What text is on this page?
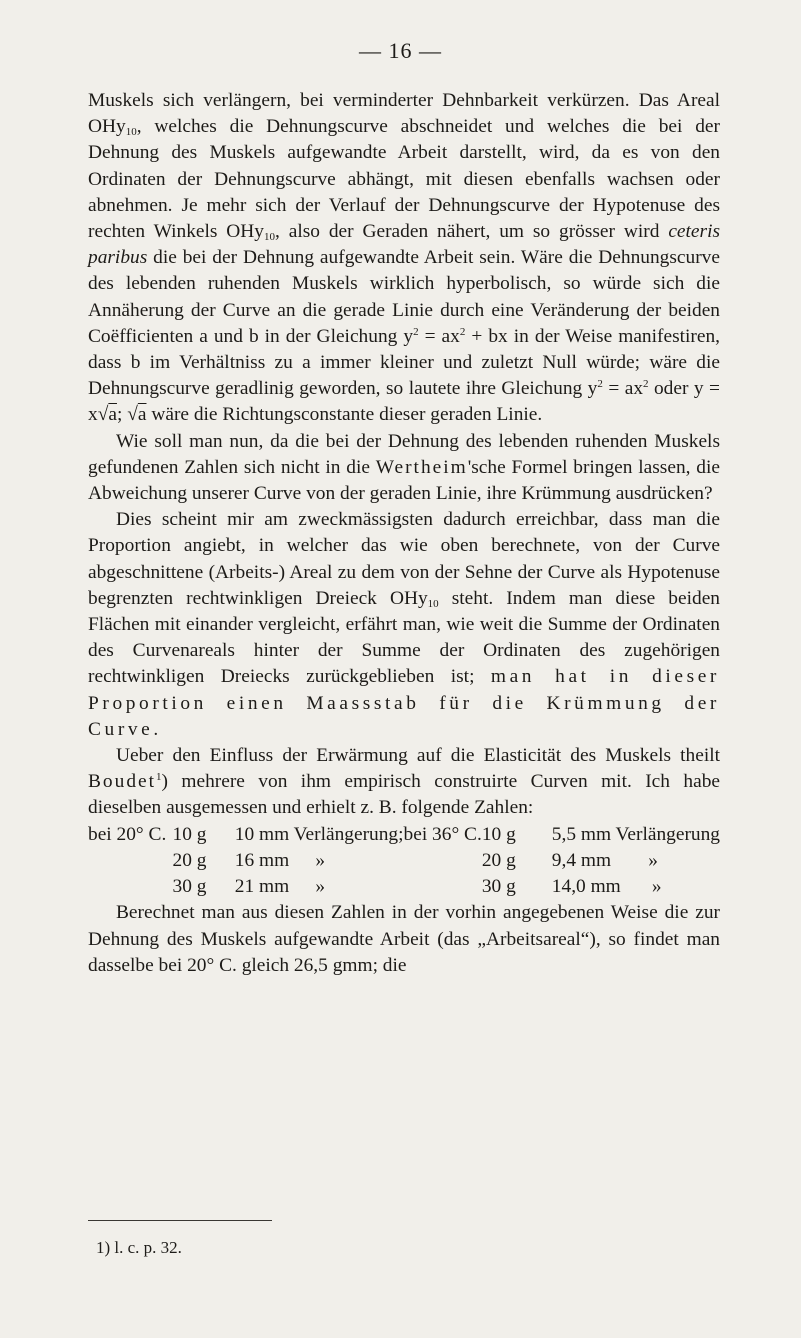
— 16 —

Muskels sich verlängern, bei verminderter Dehnbarkeit verkürzen. Das Areal OHy$_{10}$, welches die Dehnungscurve abschneidet und welches die bei der Dehnung des Muskels aufgewandte Arbeit darstellt, wird, da es von den Ordinaten der Dehnungscurve abhängt, mit diesen ebenfalls wachsen oder abnehmen. Je mehr sich der Verlauf der Dehnungscurve der Hypotenuse des rechten Winkels OHy$_{10}$, also der Geraden nähert, um so grösser wird ceteris paribus die bei der Dehnung aufgewandte Arbeit sein. Wäre die Dehnungscurve des lebenden ruhenden Muskels wirklich hyperbolisch, so würde sich die Annäherung der Curve an die gerade Linie durch eine Veränderung der beiden Coëfficienten a und b in der Gleichung $y^2 = ax^2$ + bx in der Weise manifestiren, dass b im Verhältniss zu a immer kleiner und zuletzt Null würde; wäre die Dehnungscurve geradlinig geworden, so lautete ihre Gleichung $y^2 = ax^2$ oder y = x√a; √a wäre die Richtungsconstante dieser geraden Linie.

Wie soll man nun, da die bei der Dehnung des lebenden ruhenden Muskels gefundenen Zahlen sich nicht in die Wertheim'sche Formel bringen lassen, die Abweichung unserer Curve von der geraden Linie, ihre Krümmung ausdrücken?

Dies scheint mir am zweckmässigsten dadurch erreichbar, dass man die Proportion angiebt, in welcher das wie oben berechnete, von der Curve abgeschnittene (Arbeits-) Areal zu dem von der Sehne der Curve als Hypotenuse begrenzten rechtwinkligen Dreieck OHy$_{10}$ steht. Indem man diese beiden Flächen mit einander vergleicht, erfährt man, wie weit die Summe der Ordinaten des Curvenareals hinter der Summe der Ordinaten des zugehörigen rechtwinkligen Dreiecks zurückgeblieben ist; man hat in dieser Proportion einen Maassstab für die Krümmung der Curve.

Ueber den Einfluss der Erwärmung auf die Elasticität des Muskels theilt Boudet$^1$) mehrere von ihm empirisch construirte Curven mit. Ich habe dieselben ausgemessen und erhielt z. B. folgende Zahlen:

bei 20° C.	10 g	10 mm Verlängerung;	bei 36° C.	10 g	5,5 mm Verlängerung
	20 g	16 mm »		20 g	9,4 mm »
	30 g	21 mm »		30 g	14,0 mm »

Berechnet man aus diesen Zahlen in der vorhin angegebenen Weise die zur Dehnung des Muskels aufgewandte Arbeit (das „Arbeitsareal“), so findet man dasselbe bei 20° C. gleich 26,5 gmm; die

1) l. c. p. 32.
